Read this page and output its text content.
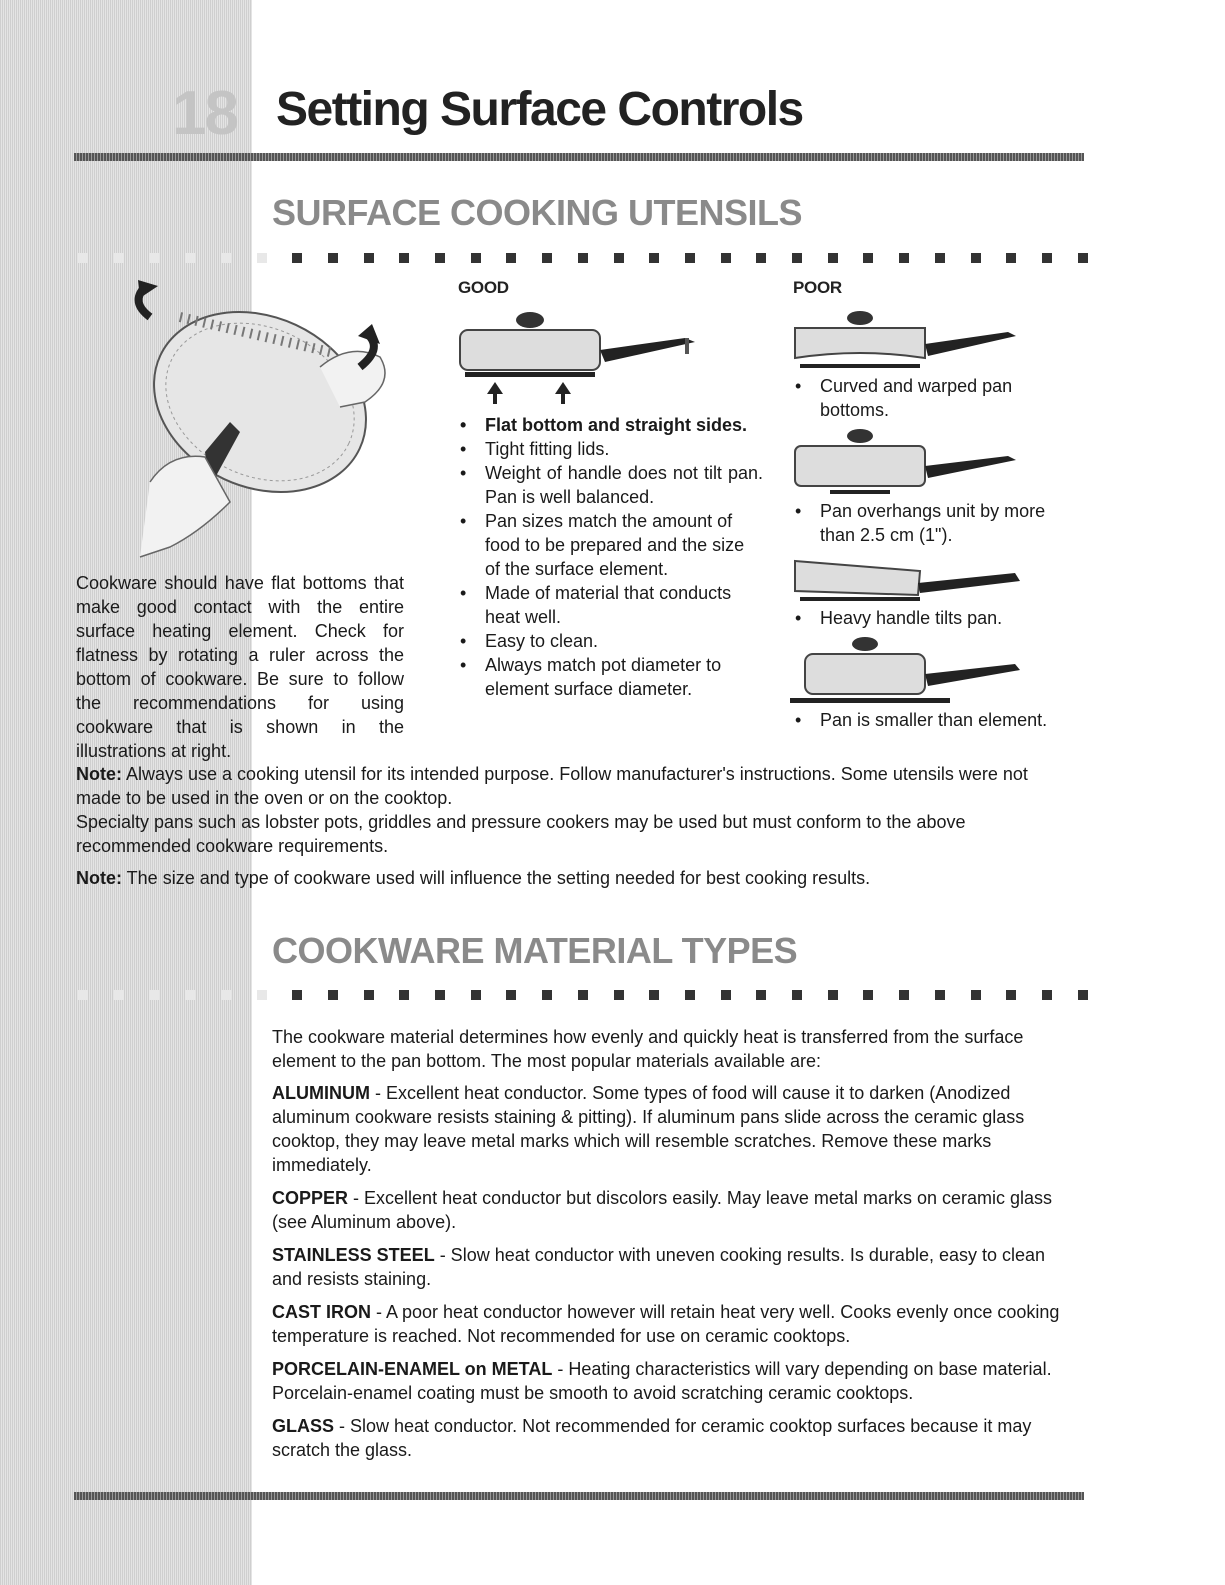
18 Setting Surface Controls
SURFACE COOKING UTENSILS
Cookware should have flat bottoms that make good contact with the entire surface heating element. Check for flatness by rotating a ruler across the bottom of cookware. Be sure to follow the recommendations for using cookware that is shown in the illustrations at right.
GOOD
• Flat bottom and straight sides.
• Tight fitting lids.
• Weight of handle does not tilt pan. Pan is well balanced.
• Pan sizes match the amount of food to be prepared and the size of the surface element.
• Made of material that conducts heat well.
• Easy to clean.
• Always match pot diameter to element surface diameter.
POOR
• Curved and warped pan bottoms.
• Pan overhangs unit by more than 2.5 cm (1").
• Heavy handle tilts pan.
• Pan is smaller than element.
Note: Always use a cooking utensil for its intended purpose. Follow manufacturer's instructions. Some utensils were not made to be used in the oven or on the cooktop.
Specialty pans such as lobster pots, griddles and pressure cookers may be used but must conform to the above recommended cookware requirements.
Note: The size and type of cookware used will influence the setting needed for best cooking results.
COOKWARE MATERIAL TYPES
The cookware material determines how evenly and quickly heat is transferred from the surface element to the pan bottom. The most popular materials available are:
ALUMINUM - Excellent heat conductor. Some types of food will cause it to darken (Anodized aluminum cookware resists staining & pitting). If aluminum pans slide across the ceramic glass cooktop, they may leave metal marks which will resemble scratches. Remove these marks immediately.
COPPER - Excellent heat conductor but discolors easily. May leave metal marks on ceramic glass (see Aluminum above).
STAINLESS STEEL - Slow heat conductor with uneven cooking results. Is durable, easy to clean and resists staining.
CAST IRON - A poor heat conductor however will retain heat very well. Cooks evenly once cooking temperature is reached. Not recommended for use on ceramic cooktops.
PORCELAIN-ENAMEL on METAL - Heating characteristics will vary depending on base material. Porcelain-enamel coating must be smooth to avoid scratching ceramic cooktops.
GLASS - Slow heat conductor. Not recommended for ceramic cooktop surfaces because it may scratch the glass.
